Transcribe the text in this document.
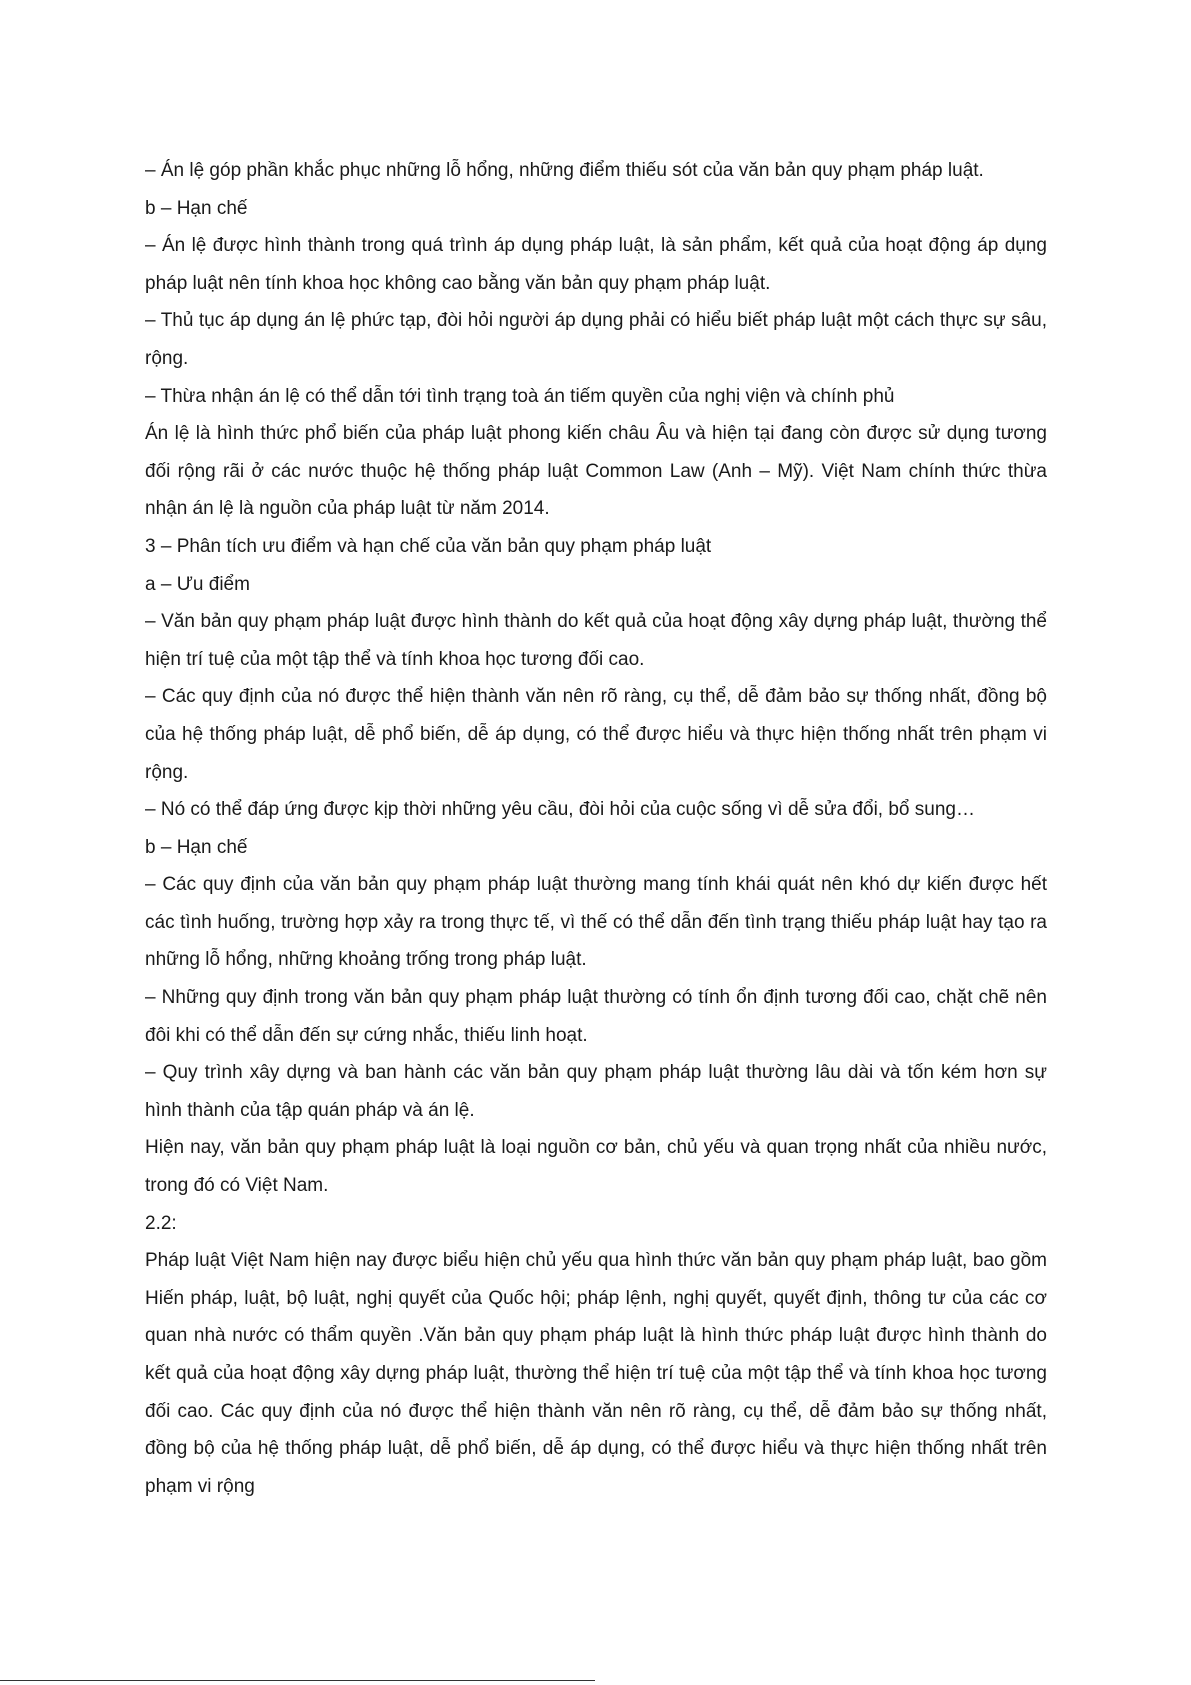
– Án lệ góp phần khắc phục những lỗ hổng, những điểm thiếu sót của văn bản quy phạm pháp luật.

b – Hạn chế

– Án lệ được hình thành trong quá trình áp dụng pháp luật, là sản phẩm, kết quả của hoạt động áp dụng pháp luật nên tính khoa học không cao bằng văn bản quy phạm pháp luật.

– Thủ tục áp dụng án lệ phức tạp, đòi hỏi người áp dụng phải có hiểu biết pháp luật một cách thực sự sâu, rộng.

– Thừa nhận án lệ có thể dẫn tới tình trạng toà án tiếm quyền của nghị viện và chính phủ

Án lệ là hình thức phổ biến của pháp luật phong kiến châu Âu và hiện tại đang còn được sử dụng tương đối rộng rãi ở các nước thuộc hệ thống pháp luật Common Law (Anh – Mỹ). Việt Nam chính thức thừa nhận án lệ là nguồn của pháp luật từ năm 2014.

3 – Phân tích ưu điểm và hạn chế của văn bản quy phạm pháp luật

a – Ưu điểm

– Văn bản quy phạm pháp luật được hình thành do kết quả của hoạt động xây dựng pháp luật, thường thể hiện trí tuệ của một tập thể và tính khoa học tương đối cao.

– Các quy định của nó được thể hiện thành văn nên rõ ràng, cụ thể, dễ đảm bảo sự thống nhất, đồng bộ của hệ thống pháp luật, dễ phổ biến, dễ áp dụng, có thể được hiểu và thực hiện thống nhất trên phạm vi rộng.

– Nó có thể đáp ứng được kịp thời những yêu cầu, đòi hỏi của cuộc sống vì dễ sửa đổi, bổ sung…

b – Hạn chế

– Các quy định của văn bản quy phạm pháp luật thường mang tính khái quát nên khó dự kiến được hết các tình huống, trường hợp xảy ra trong thực tế, vì thế có thể dẫn đến tình trạng thiếu pháp luật hay tạo ra những lỗ hổng, những khoảng trống trong pháp luật.

– Những quy định trong văn bản quy phạm pháp luật thường có tính ổn định tương đối cao, chặt chẽ nên đôi khi có thể dẫn đến sự cứng nhắc, thiếu linh hoạt.

– Quy trình xây dựng và ban hành các văn bản quy phạm pháp luật thường lâu dài và tốn kém hơn sự hình thành của tập quán pháp và án lệ.

Hiện nay, văn bản quy phạm pháp luật là loại nguồn cơ bản, chủ yếu và quan trọng nhất của nhiều nước, trong đó có Việt Nam.

2.2:

Pháp luật Việt Nam hiện nay được biểu hiện chủ yếu qua hình thức văn bản quy phạm pháp luật, bao gồm Hiến pháp, luật, bộ luật, nghị quyết của Quốc hội; pháp lệnh, nghị quyết, quyết định, thông tư của các cơ quan nhà nước có thẩm quyền .Văn bản quy phạm pháp luật là hình thức pháp luật được hình thành do kết quả của hoạt động xây dựng pháp luật, thường thể hiện trí tuệ của một tập thể và tính khoa học tương đối cao. Các quy định của nó được thể hiện thành văn nên rõ ràng, cụ thể, dễ đảm bảo sự thống nhất, đồng bộ của hệ thống pháp luật, dễ phổ biến, dễ áp dụng, có thể được hiểu và thực hiện thống nhất trên phạm vi rộng
